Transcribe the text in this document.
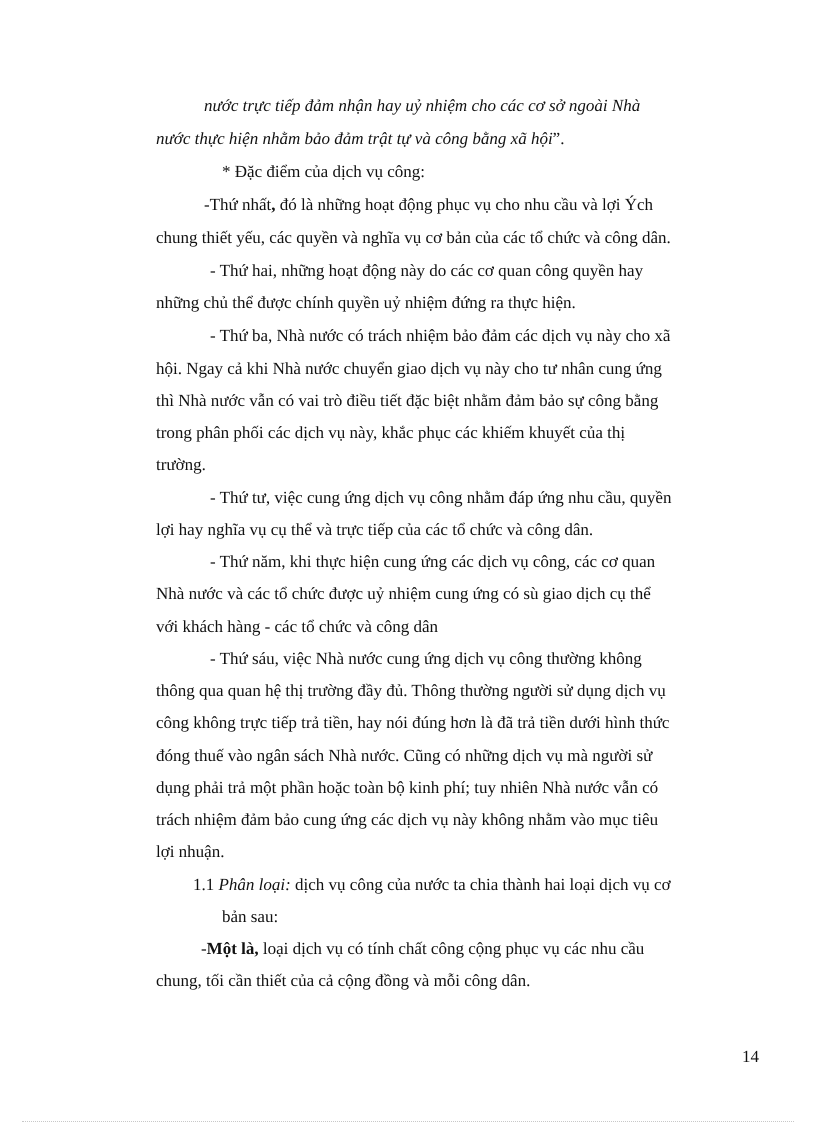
nước trực tiếp đảm nhận hay uỷ nhiệm cho các cơ sở ngoài Nhà
nước thực hiện nhằm bảo đảm trật tự và công bằng xã hội”.
* Đặc điểm của dịch vụ công:
-Thứ nhất, đó là những hoạt động phục vụ cho nhu cầu và lợi Ých
chung thiết yếu, các quyền và nghĩa vụ cơ bản của các tổ chức và công dân.
- Thứ hai, những hoạt động này do các cơ quan công quyền hay
những chủ thể được chính quyền uỷ nhiệm đứng ra thực hiện.
- Thứ ba, Nhà nước có trách nhiệm bảo đảm các dịch vụ này cho xã
hội. Ngay cả khi Nhà nước chuyển giao dịch vụ này cho tư nhân cung ứng
thì Nhà nước vẫn có vai trò điều tiết đặc biệt nhằm đảm bảo sự công bằng
trong phân phối các dịch vụ này, khắc phục các khiếm khuyết của thị
trường.
- Thứ tư, việc cung ứng dịch vụ công nhằm đáp ứng nhu cầu, quyền
lợi hay nghĩa vụ cụ thể và trực tiếp của các tổ chức và công dân.
- Thứ năm, khi thực hiện cung ứng các dịch vụ công, các cơ quan
Nhà nước và các tổ chức được uỷ nhiệm cung ứng có sù giao dịch cụ thể
với khách hàng - các tổ chức và công dân
- Thứ sáu, việc Nhà nước cung ứng dịch vụ công thường không
thông qua quan hệ thị trường đầy đủ. Thông thường người sử dụng dịch vụ
công không trực tiếp trả tiền, hay nói đúng hơn là đã trả tiền dưới hình thức
đóng thuế vào ngân sách Nhà nước. Cũng có những dịch vụ mà người sử
dụng phải trả một phần hoặc toàn bộ kinh phí; tuy nhiên Nhà nước vẫn có
trách nhiệm đảm bảo cung ứng các dịch vụ này không nhằm vào mục tiêu
lợi nhuận.
1.1 Phân loại: dịch vụ công của nước ta chia thành hai loại dịch vụ cơ
bản sau:
-Một là, loại dịch vụ có tính chất công cộng phục vụ các nhu cầu
chung, tối cần thiết của cả cộng đồng và mỗi công dân.
14
